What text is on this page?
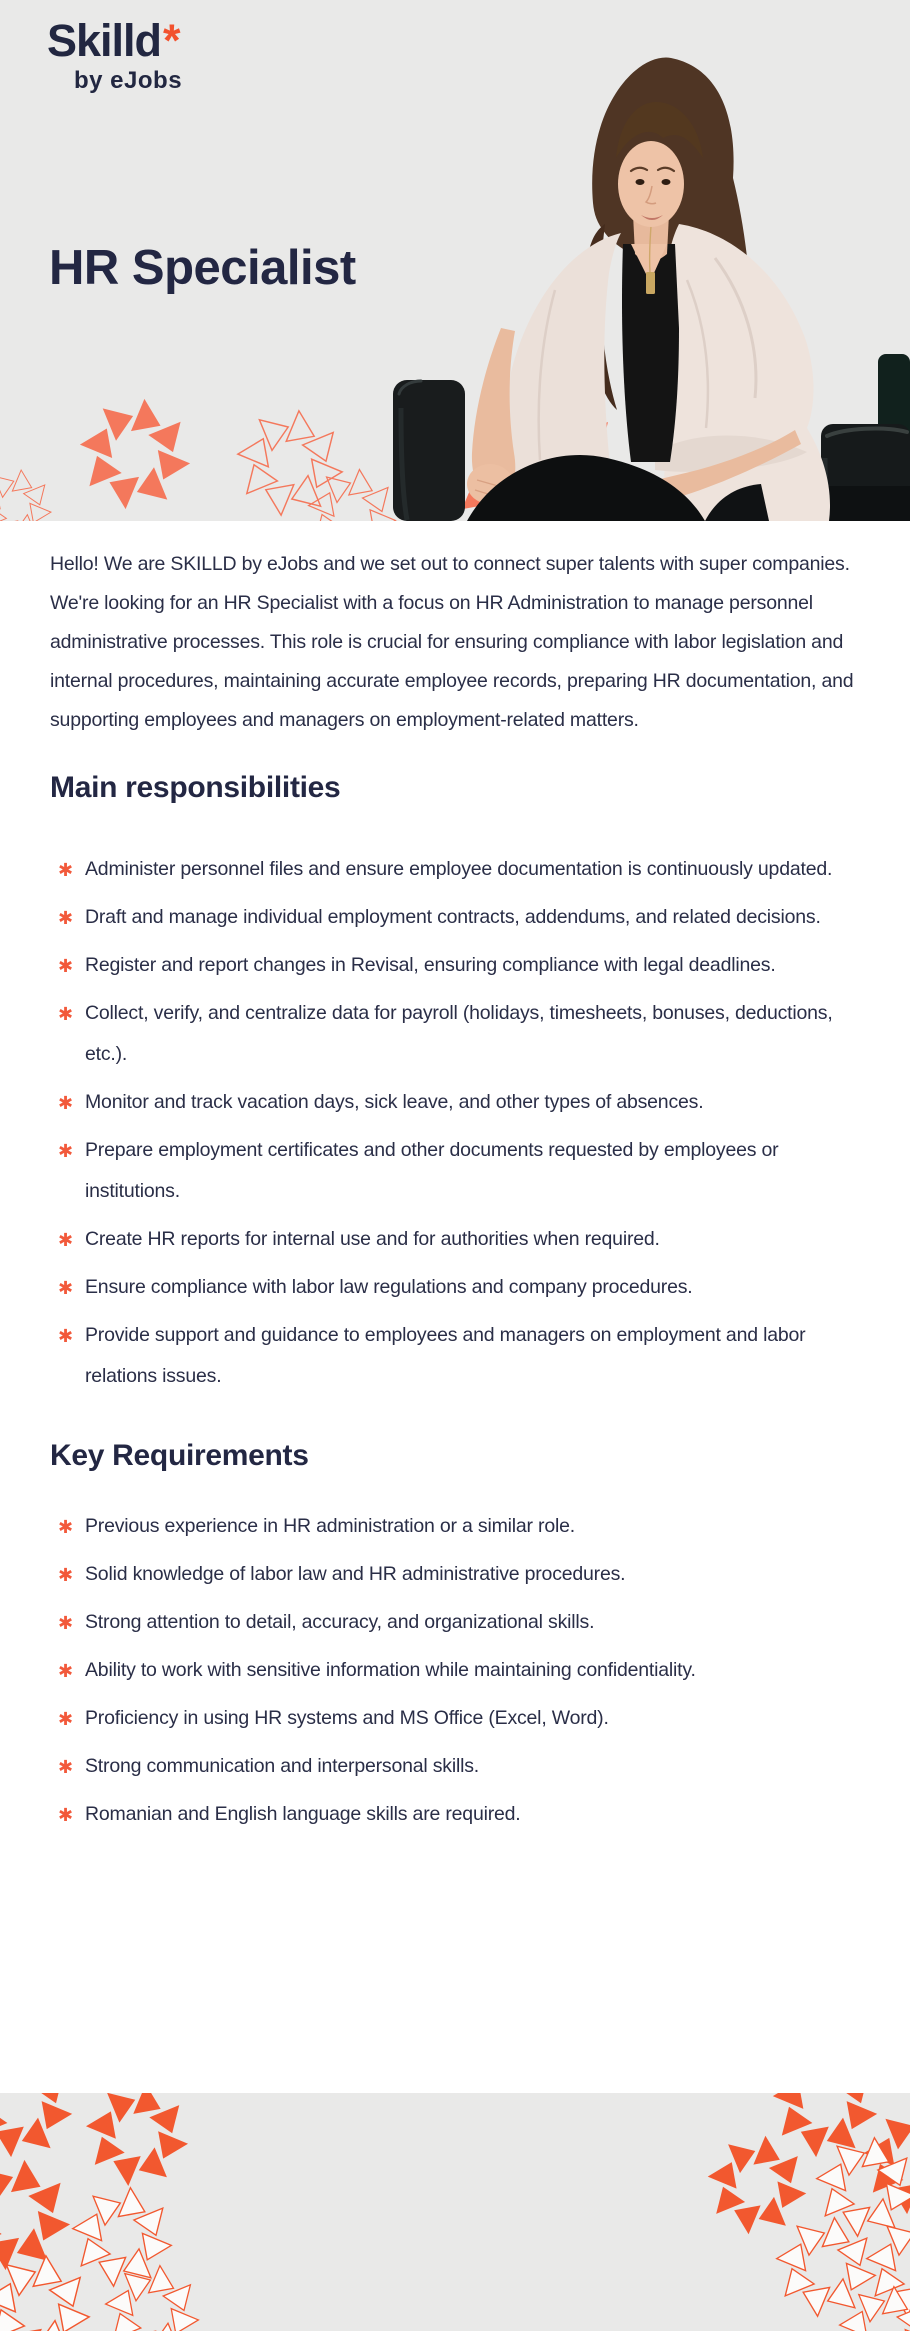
Skilld*
by eJobs
HR Specialist

Hello! We are SKILLD by eJobs and we set out to connect super talents with super companies. We're looking for an HR Specialist with a focus on HR Administration to manage personnel administrative processes. This role is crucial for ensuring compliance with labor legislation and internal procedures, maintaining accurate employee records, preparing HR documentation, and supporting employees and managers on employment-related matters.

Main responsibilities
✱ Administer personnel files and ensure employee documentation is continuously updated.
✱ Draft and manage individual employment contracts, addendums, and related decisions.
✱ Register and report changes in Revisal, ensuring compliance with legal deadlines.
✱ Collect, verify, and centralize data for payroll (holidays, timesheets, bonuses, deductions, etc.).
✱ Monitor and track vacation days, sick leave, and other types of absences.
✱ Prepare employment certificates and other documents requested by employees or institutions.
✱ Create HR reports for internal use and for authorities when required.
✱ Ensure compliance with labor law regulations and company procedures.
✱ Provide support and guidance to employees and managers on employment and labor relations issues.
Key Requirements
✱ Previous experience in HR administration or a similar role.
✱ Solid knowledge of labor law and HR administrative procedures.
✱ Strong attention to detail, accuracy, and organizational skills.
✱ Ability to work with sensitive information while maintaining confidentiality.
✱ Proficiency in using HR systems and MS Office (Excel, Word).
✱ Strong communication and interpersonal skills.
✱ Romanian and English language skills are required.
